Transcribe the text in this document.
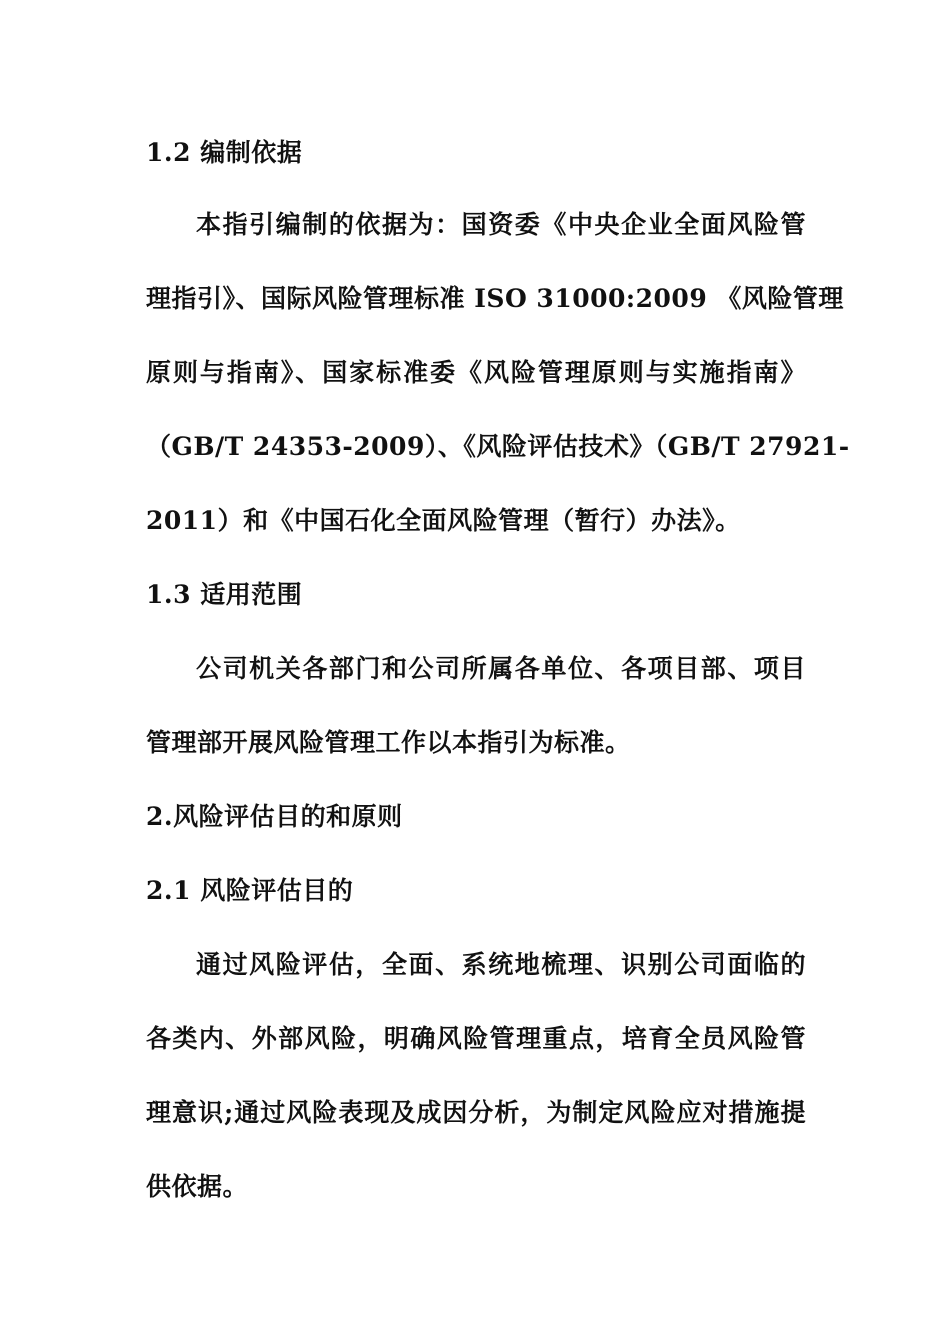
1.2 编制依据
本指引编制的依据为：国资委《中央企业全面风险管
理指引》、国际风险管理标准 ISO 31000:2009 《风险管理
原则与指南》、国家标准委《风险管理原则与实施指南》
（GB/T 24353-2009）、《风险评估技术》（GB/T 27921-
2011）和《中国石化全面风险管理（暂行）办法》。
1.3 适用范围
公司机关各部门和公司所属各单位、各项目部、项目
管理部开展风险管理工作以本指引为标准。
2.风险评估目的和原则
2.1 风险评估目的
通过风险评估，全面、系统地梳理、识别公司面临的
各类内、外部风险，明确风险管理重点，培育全员风险管
理意识;通过风险表现及成因分析，为制定风险应对措施提
供依据。
